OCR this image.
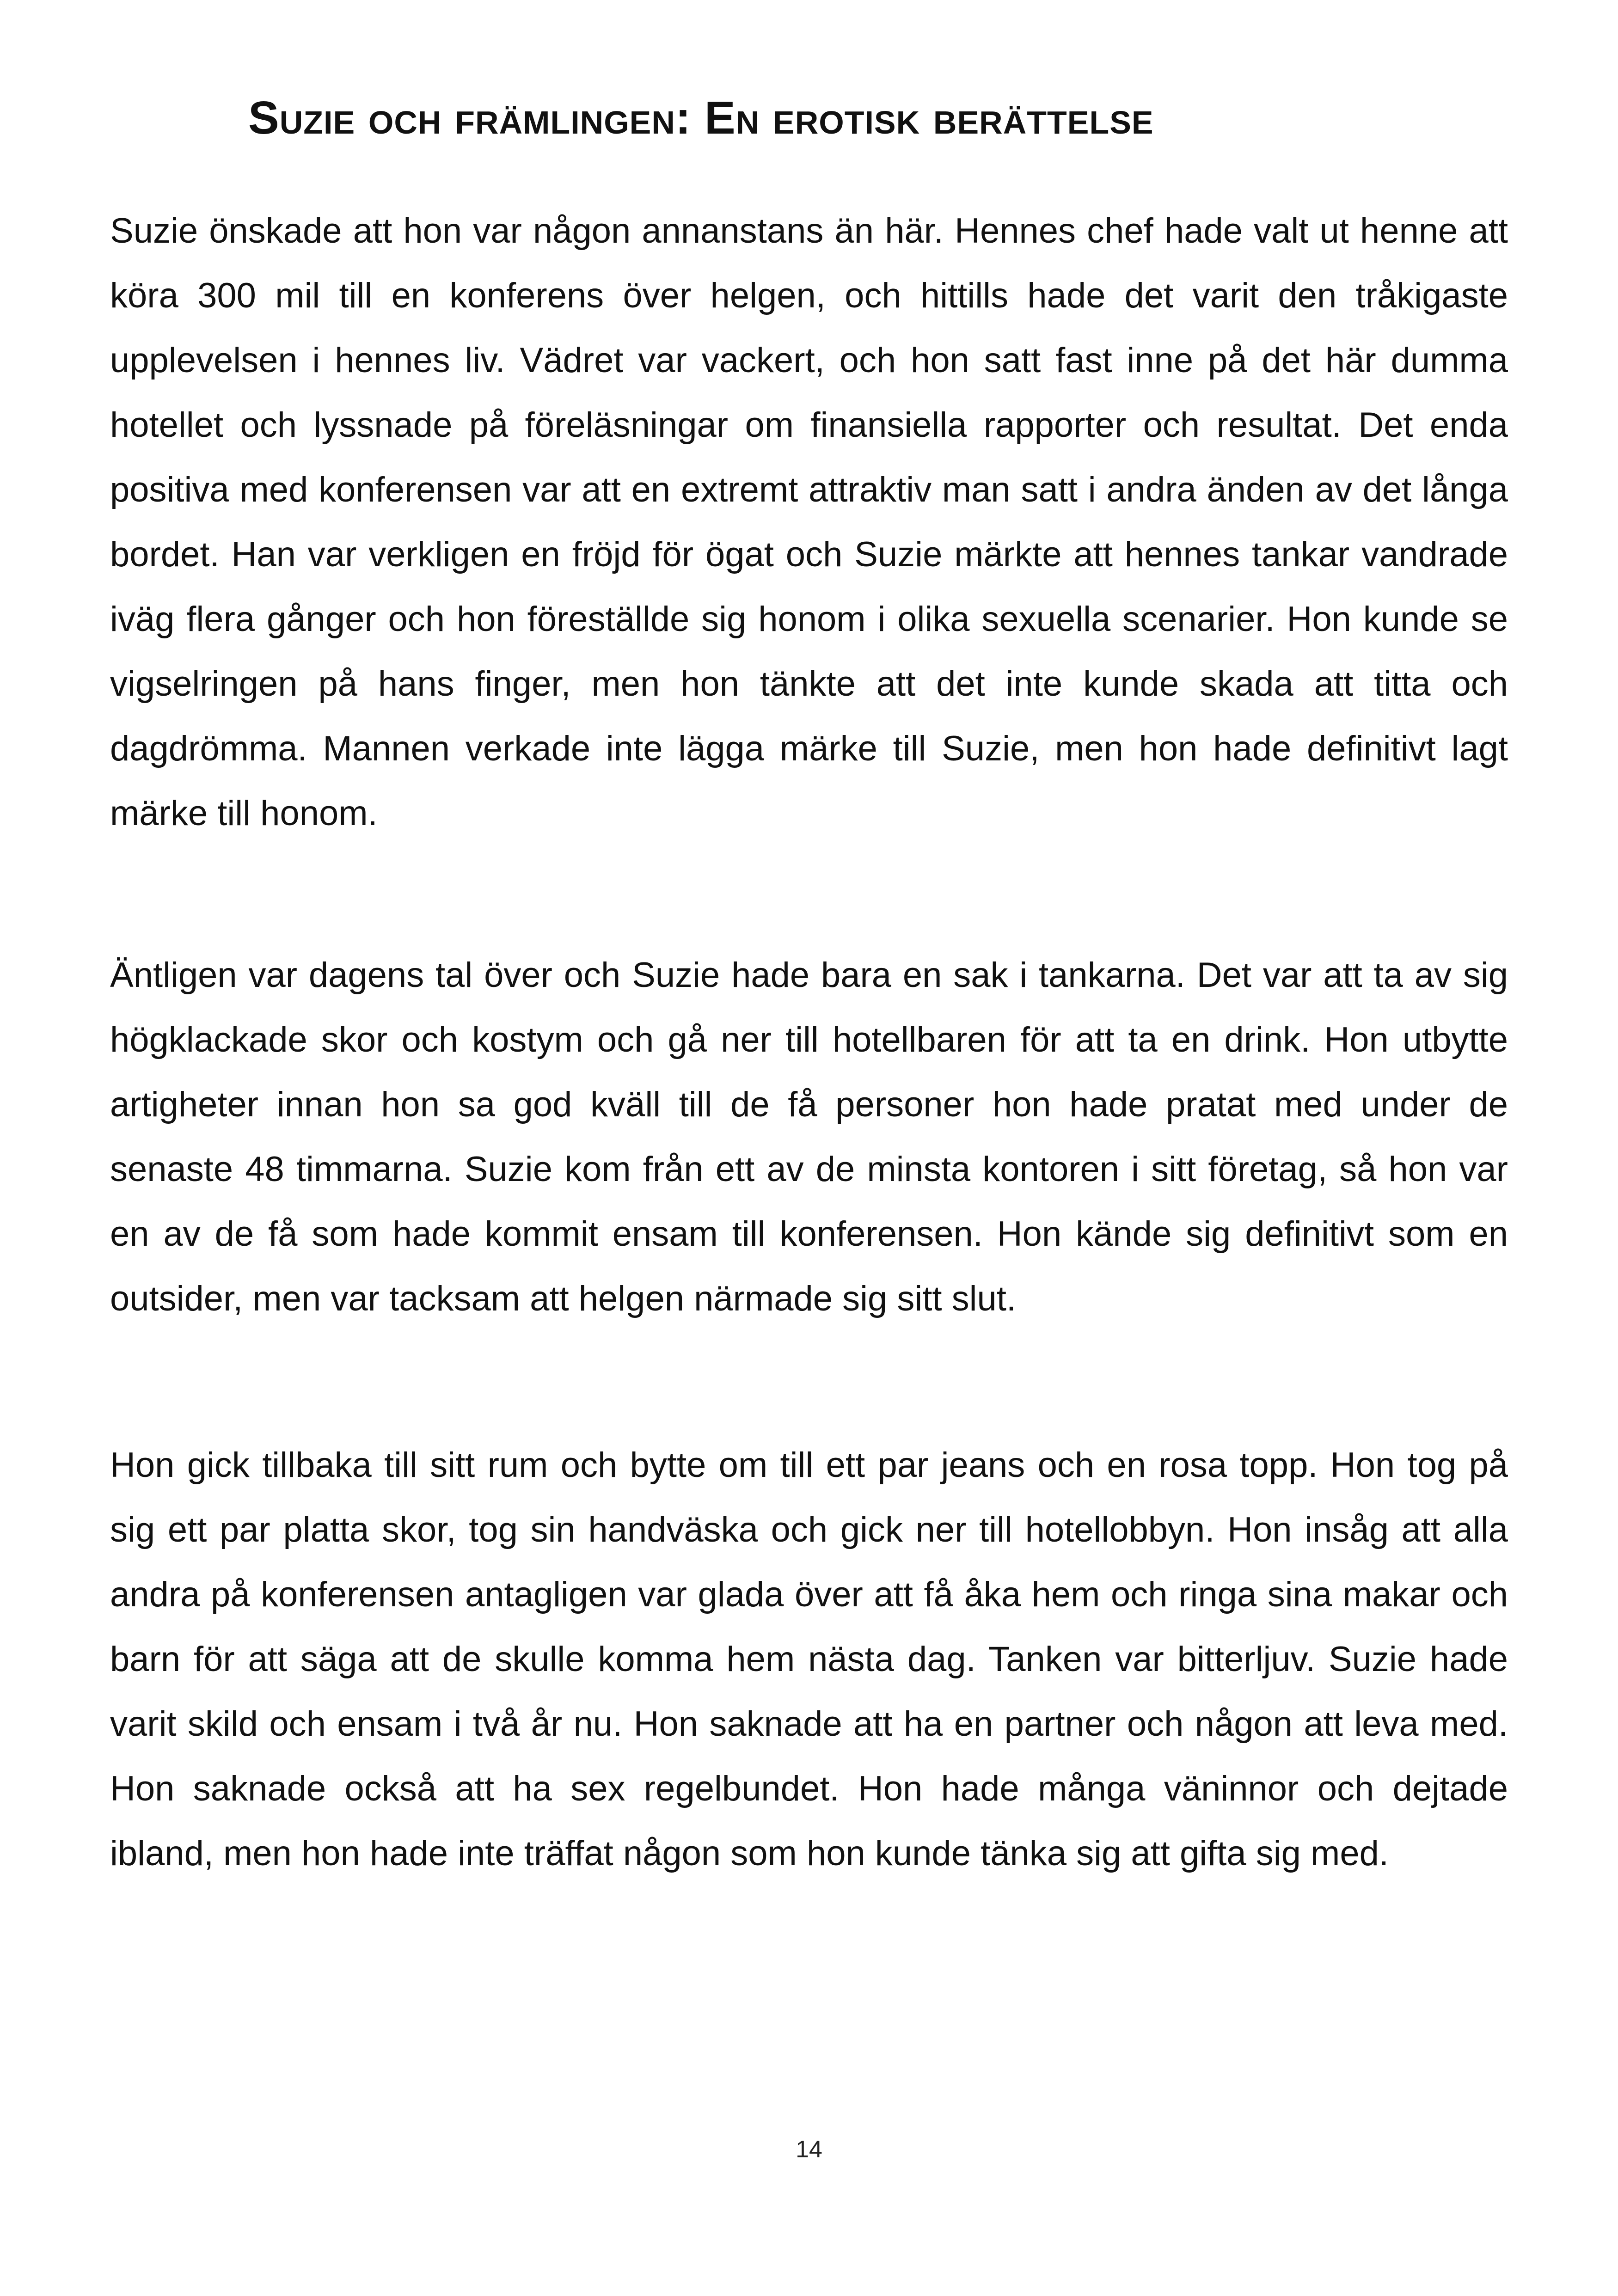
Suzie och främlingen: En erotisk berättelse

Suzie önskade att hon var någon annanstans än här. Hennes chef hade valt ut henne att köra 300 mil till en konferens över helgen, och hittills hade det varit den tråkigaste upplevelsen i hennes liv. Vädret var vackert, och hon satt fast inne på det här dumma hotellet och lyssnade på föreläsningar om finansiella rapporter och resultat. Det enda positiva med konferensen var att en extremt attraktiv man satt i andra änden av det långa bordet. Han var verkligen en fröjd för ögat och Suzie märkte att hennes tankar vandrade iväg flera gånger och hon föreställde sig honom i olika sexuella scenarier. Hon kunde se vigselringen på hans finger, men hon tänkte att det inte kunde skada att titta och dagdrömma. Mannen verkade inte lägga märke till Suzie, men hon hade definitivt lagt märke till honom.

Äntligen var dagens tal över och Suzie hade bara en sak i tankarna. Det var att ta av sig högklackade skor och kostym och gå ner till hotellbaren för att ta en drink. Hon utbytte artigheter innan hon sa god kväll till de få personer hon hade pratat med under de senaste 48 timmarna. Suzie kom från ett av de minsta kontoren i sitt företag, så hon var en av de få som hade kommit ensam till konferensen. Hon kände sig definitivt som en outsider, men var tacksam att helgen närmade sig sitt slut.

Hon gick tillbaka till sitt rum och bytte om till ett par jeans och en rosa topp. Hon tog på sig ett par platta skor, tog sin handväska och gick ner till hotellobbyn. Hon insåg att alla andra på konferensen antagligen var glada över att få åka hem och ringa sina makar och barn för att säga att de skulle komma hem nästa dag. Tanken var bitterljuv. Suzie hade varit skild och ensam i två år nu. Hon saknade att ha en partner och någon att leva med. Hon saknade också att ha sex regelbundet. Hon hade många väninnor och dejtade ibland, men hon hade inte träffat någon som hon kunde tänka sig att gifta sig med.

14
